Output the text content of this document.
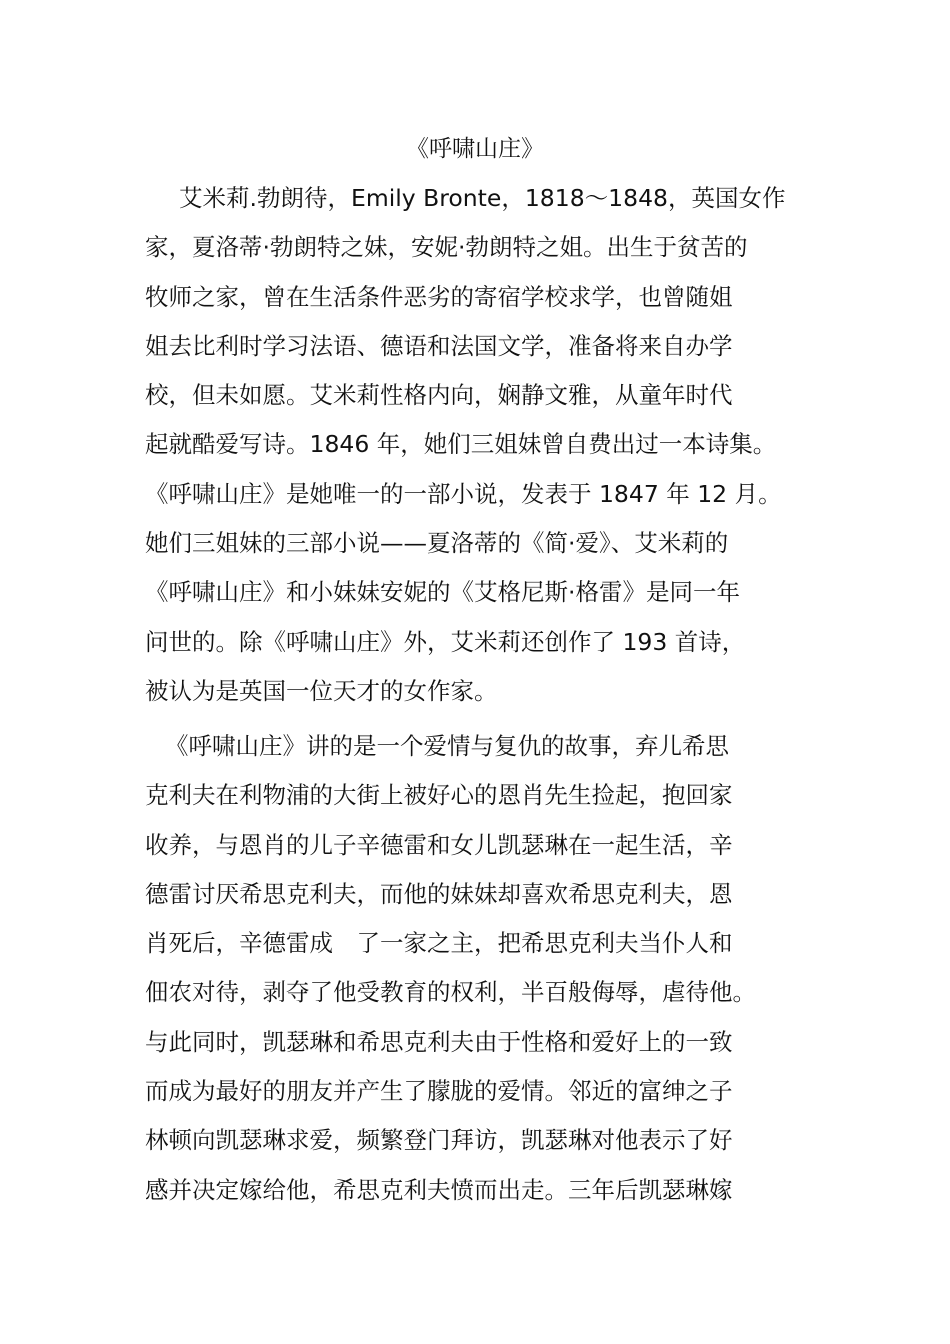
《呼啸山庄》
艾米莉.勃朗待，Emily Bronte，1818～1848，英国女作
家，夏洛蒂·勃朗特之妹，安妮·勃朗特之姐。出生于贫苦的
牧师之家，曾在生活条件恶劣的寄宿学校求学，也曾随姐
姐去比利时学习法语、德语和法国文学，准备将来自办学
校，但未如愿。艾米莉性格内向，娴静文雅，从童年时代
起就酷爱写诗。1846 年，她们三姐妹曾自费出过一本诗集。
《呼啸山庄》是她唯一的一部小说，发表于 1847 年 12 月。
她们三姐妹的三部小说——夏洛蒂的《简·爱》、艾米莉的
《呼啸山庄》和小妹妹安妮的《艾格尼斯·格雷》是同一年
问世的。除《呼啸山庄》外，艾米莉还创作了 193 首诗，
被认为是英国一位天才的女作家。
《呼啸山庄》讲的是一个爱情与复仇的故事，弃儿希思
克利夫在利物浦的大街上被好心的恩肖先生捡起，抱回家
收养，与恩肖的儿子辛德雷和女儿凯瑟琳在一起生活，辛
德雷讨厌希思克利夫，而他的妹妹却喜欢希思克利夫，恩
肖死后，辛德雷成　了一家之主，把希思克利夫当仆人和
佃农对待，剥夺了他受教育的权利，半百般侮辱，虐待他。
与此同时，凯瑟琳和希思克利夫由于性格和爱好上的一致
而成为最好的朋友并产生了朦胧的爱情。邻近的富绅之子
林顿向凯瑟琳求爱，频繁登门拜访，凯瑟琳对他表示了好
感并决定嫁给他，希思克利夫愤而出走。三年后凯瑟琳嫁
